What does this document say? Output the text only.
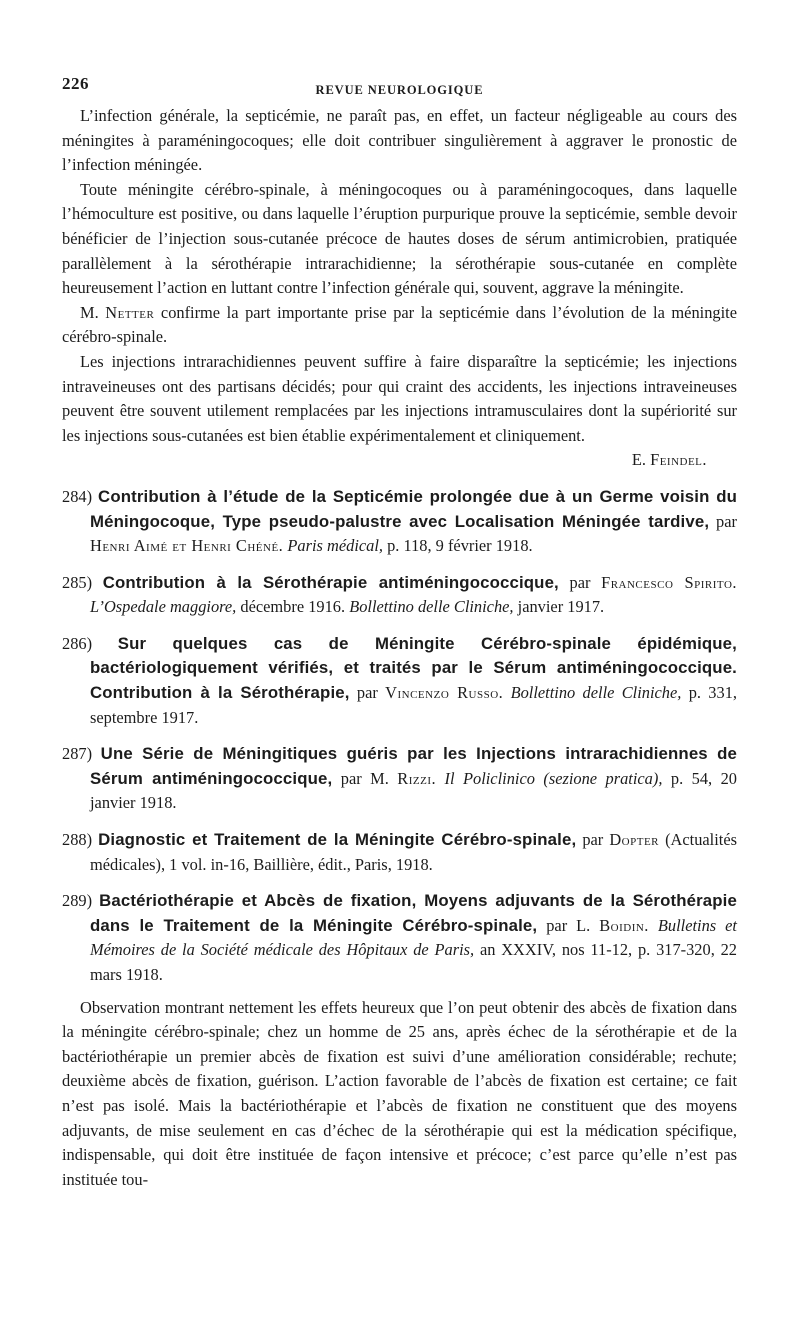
226	REVUE NEUROLOGIQUE

L’infection générale, la septicémie, ne paraît pas, en effet, un facteur négligeable au cours des méningites à paraméningocoques; elle doit contribuer singulièrement à aggraver le pronostic de l’infection méningée.

Toute méningite cérébro-spinale, à méningocoques ou à paraméningocoques, dans laquelle l’hémoculture est positive, ou dans laquelle l’éruption purpurique prouve la septicémie, semble devoir bénéficier de l’injection sous-cutanée précoce de hautes doses de sérum antimicrobien, pratiquée parallèlement à la sérothérapie intrarachidienne; la sérothérapie sous-cutanée en complète heureusement l’action en luttant contre l’infection générale qui, souvent, aggrave la méningite.

M. Netter confirme la part importante prise par la septicémie dans l’évolution de la méningite cérébro-spinale.

Les injections intrarachidiennes peuvent suffire à faire disparaître la septicémie; les injections intraveineuses ont des partisans décidés; pour qui craint des accidents, les injections intraveineuses peuvent être souvent utilement remplacées par les injections intramusculaires dont la supériorité sur les injections sous-cutanées est bien établie expérimentalement et cliniquement.

E. Feindel.

284) Contribution à l’étude de la Septicémie prolongée due à un Germe voisin du Méningocoque, Type pseudo-palustre avec Localisation Méningée tardive, par Henri Aimé et Henri Chéné. Paris médical, p. 118, 9 février 1918.

285) Contribution à la Sérothérapie antiméningococcique, par Francesco Spirito. L’Ospedale maggiore, décembre 1916. Bollettino delle Cliniche, janvier 1917.

286) Sur quelques cas de Méningite Cérébro-spinale épidémique, bactériologiquement vérifiés, et traités par le Sérum antiméningococcique. Contribution à la Sérothérapie, par Vincenzo Russo. Bollettino delle Cliniche, p. 331, septembre 1917.

287) Une Série de Méningitiques guéris par les Injections intrarachidiennes de Sérum antiméningococcique, par M. Rizzi. Il Policlinico (sezione pratica), p. 54, 20 janvier 1918.

288) Diagnostic et Traitement de la Méningite Cérébro-spinale, par Dopter (Actualités médicales), 1 vol. in-16, Baillière, édit., Paris, 1918.

289) Bactériothérapie et Abcès de fixation, Moyens adjuvants de la Sérothérapie dans le Traitement de la Méningite Cérébro-spinale, par L. Boidin. Bulletins et Mémoires de la Société médicale des Hôpitaux de Paris, an XXXIV, nos 11-12, p. 317-320, 22 mars 1918.

Observation montrant nettement les effets heureux que l’on peut obtenir des abcès de fixation dans la méningite cérébro-spinale; chez un homme de 25 ans, après échec de la sérothérapie et de la bactériothérapie un premier abcès de fixation est suivi d’une amélioration considérable; rechute; deuxième abcès de fixation, guérison. L’action favorable de l’abcès de fixation est certaine; ce fait n’est pas isolé. Mais la bactériothérapie et l’abcès de fixation ne constituent que des moyens adjuvants, de mise seulement en cas d’échec de la sérothérapie qui est la médication spécifique, indispensable, qui doit être instituée de façon intensive et précoce; c’est parce qu’elle n’est pas instituée tou-
